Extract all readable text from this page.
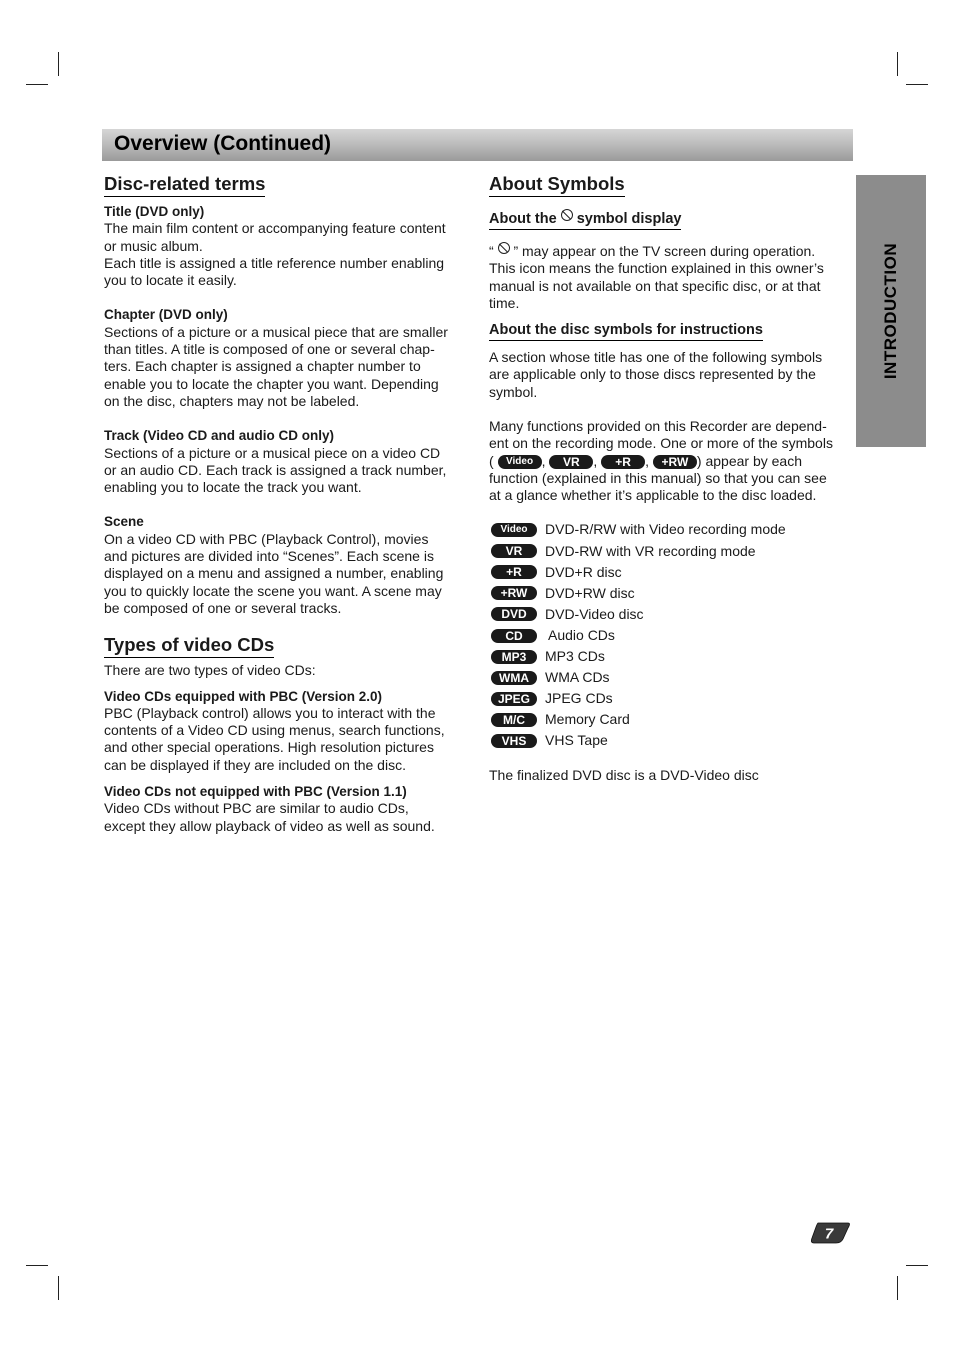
Overview (Continued)
INTRODUCTION
Disc-related terms
Title (DVD only)

The main film content or accompanying feature content

or music album.

Each title is assigned a title reference number enabling

you to locate it easily.

Chapter (DVD only)

Sections of a picture or a musical piece that are smaller

than titles. A title is composed of one or several chap-

ters. Each chapter is assigned a chapter number to

enable you to locate the chapter you want. Depending

on the disc, chapters may not be labeled.

Track (Video CD and audio CD only)

Sections of a picture or a musical piece on a video CD

or an audio CD. Each track is assigned a track number,

enabling you to locate the track you want.

Scene

On a video CD with PBC (Playback Control), movies

and pictures are divided into “Scenes”. Each scene is

displayed on a menu and assigned a number, enabling

you to quickly locate the scene you want. A scene may

be composed of one or several tracks.

Types of video CDs

There are two types of video CDs:

Video CDs equipped with PBC (Version 2.0)

PBC (Playback control) allows you to interact with the

contents of a Video CD using menus, search functions,

and other special operations. High resolution pictures

can be displayed if they are included on the disc.

Video CDs not equipped with PBC (Version 1.1)

Video CDs without PBC are similar to audio CDs,

except they allow playback of video as well as sound.

About Symbols
About the symbol display

“ ” may appear on the TV screen during operation.

This icon means the function explained in this owner’s

manual is not available on that specific disc, or at that

time.

About the disc symbols for instructions

A section whose title has one of the following symbols

are applicable only to those discs represented by the

symbol.

Many functions provided on this Recorder are depend-

ent on the recording mode. One or more of the symbols

( Video , VR , +R , +RW ) appear by each

function (explained in this manual) so that you can see

at a glance whether it’s applicable to the disc loaded.

Video	DVD-R/RW with Video recording mode
VR	DVD-RW with VR recording mode
+R	DVD+R disc
+RW	DVD+RW disc
DVD	DVD-Video disc
CD	Audio CDs
MP3	MP3 CDs
WMA	WMA CDs
JPEG	JPEG CDs
M/C	Memory Card
VHS	VHS Tape

The finalized DVD disc is a DVD-Video disc

7
